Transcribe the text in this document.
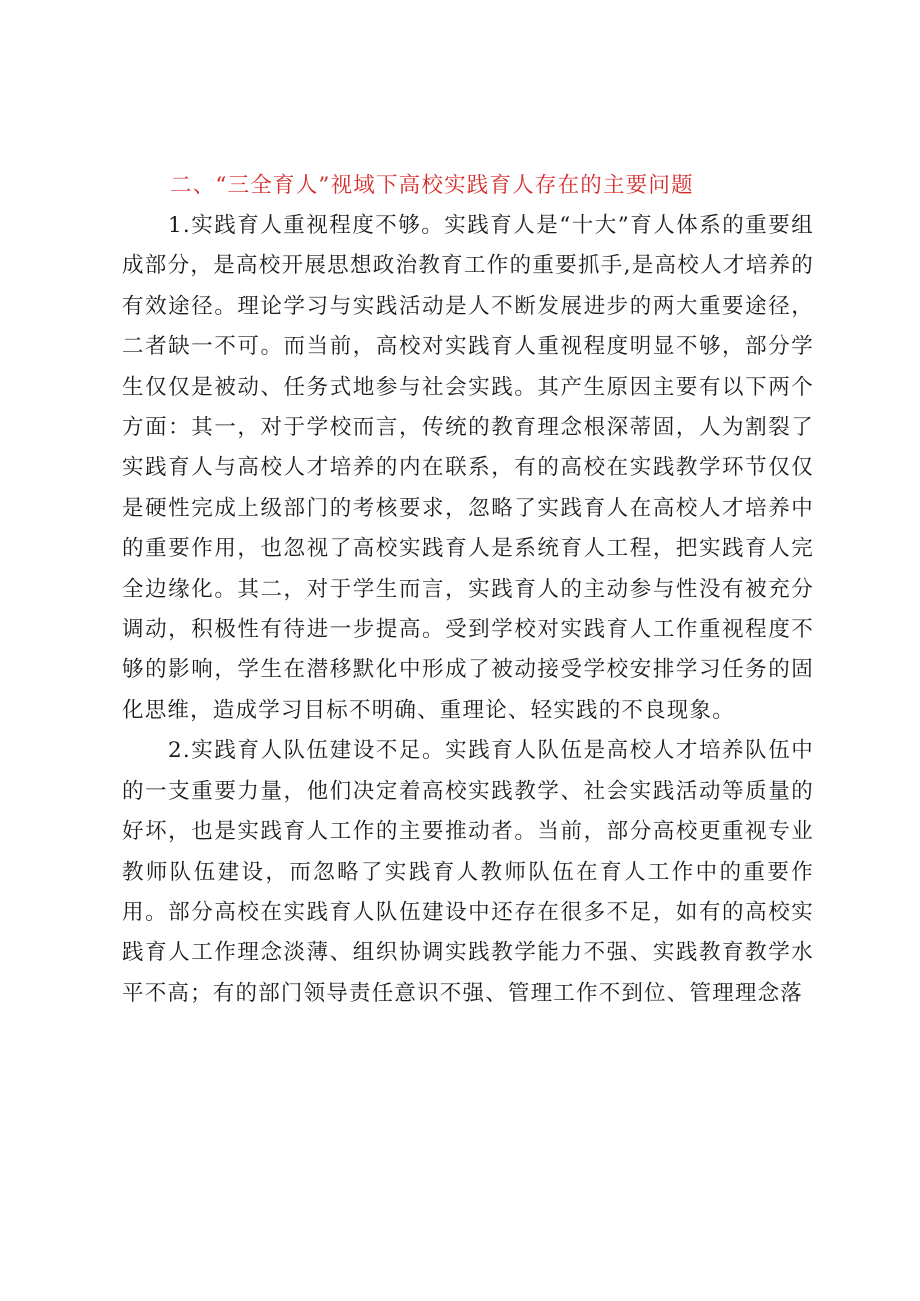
二、“三全育人”视域下高校实践育人存在的主要问题

1.实践育人重视程度不够。实践育人是“十大”育人体系的重要组成部分，是高校开展思想政治教育工作的重要抓手,是高校人才培养的有效途径。理论学习与实践活动是人不断发展进步的两大重要途径，二者缺一不可。而当前，高校对实践育人重视程度明显不够，部分学生仅仅是被动、任务式地参与社会实践。其产生原因主要有以下两个方面：其一，对于学校而言，传统的教育理念根深蒂固，人为割裂了实践育人与高校人才培养的内在联系，有的高校在实践教学环节仅仅是硬性完成上级部门的考核要求，忽略了实践育人在高校人才培养中的重要作用，也忽视了高校实践育人是系统育人工程，把实践育人完全边缘化。其二，对于学生而言，实践育人的主动参与性没有被充分调动，积极性有待进一步提高。受到学校对实践育人工作重视程度不够的影响，学生在潜移默化中形成了被动接受学校安排学习任务的固化思维，造成学习目标不明确、重理论、轻实践的不良现象。

2.实践育人队伍建设不足。实践育人队伍是高校人才培养队伍中的一支重要力量，他们决定着高校实践教学、社会实践活动等质量的好坏，也是实践育人工作的主要推动者。当前，部分高校更重视专业教师队伍建设，而忽略了实践育人教师队伍在育人工作中的重要作用。部分高校在实践育人队伍建设中还存在很多不足，如有的高校实践育人工作理念淡薄、组织协调实践教学能力不强、实践教育教学水平不高；有的部门领导责任意识不强、管理工作不到位、管理理念落
